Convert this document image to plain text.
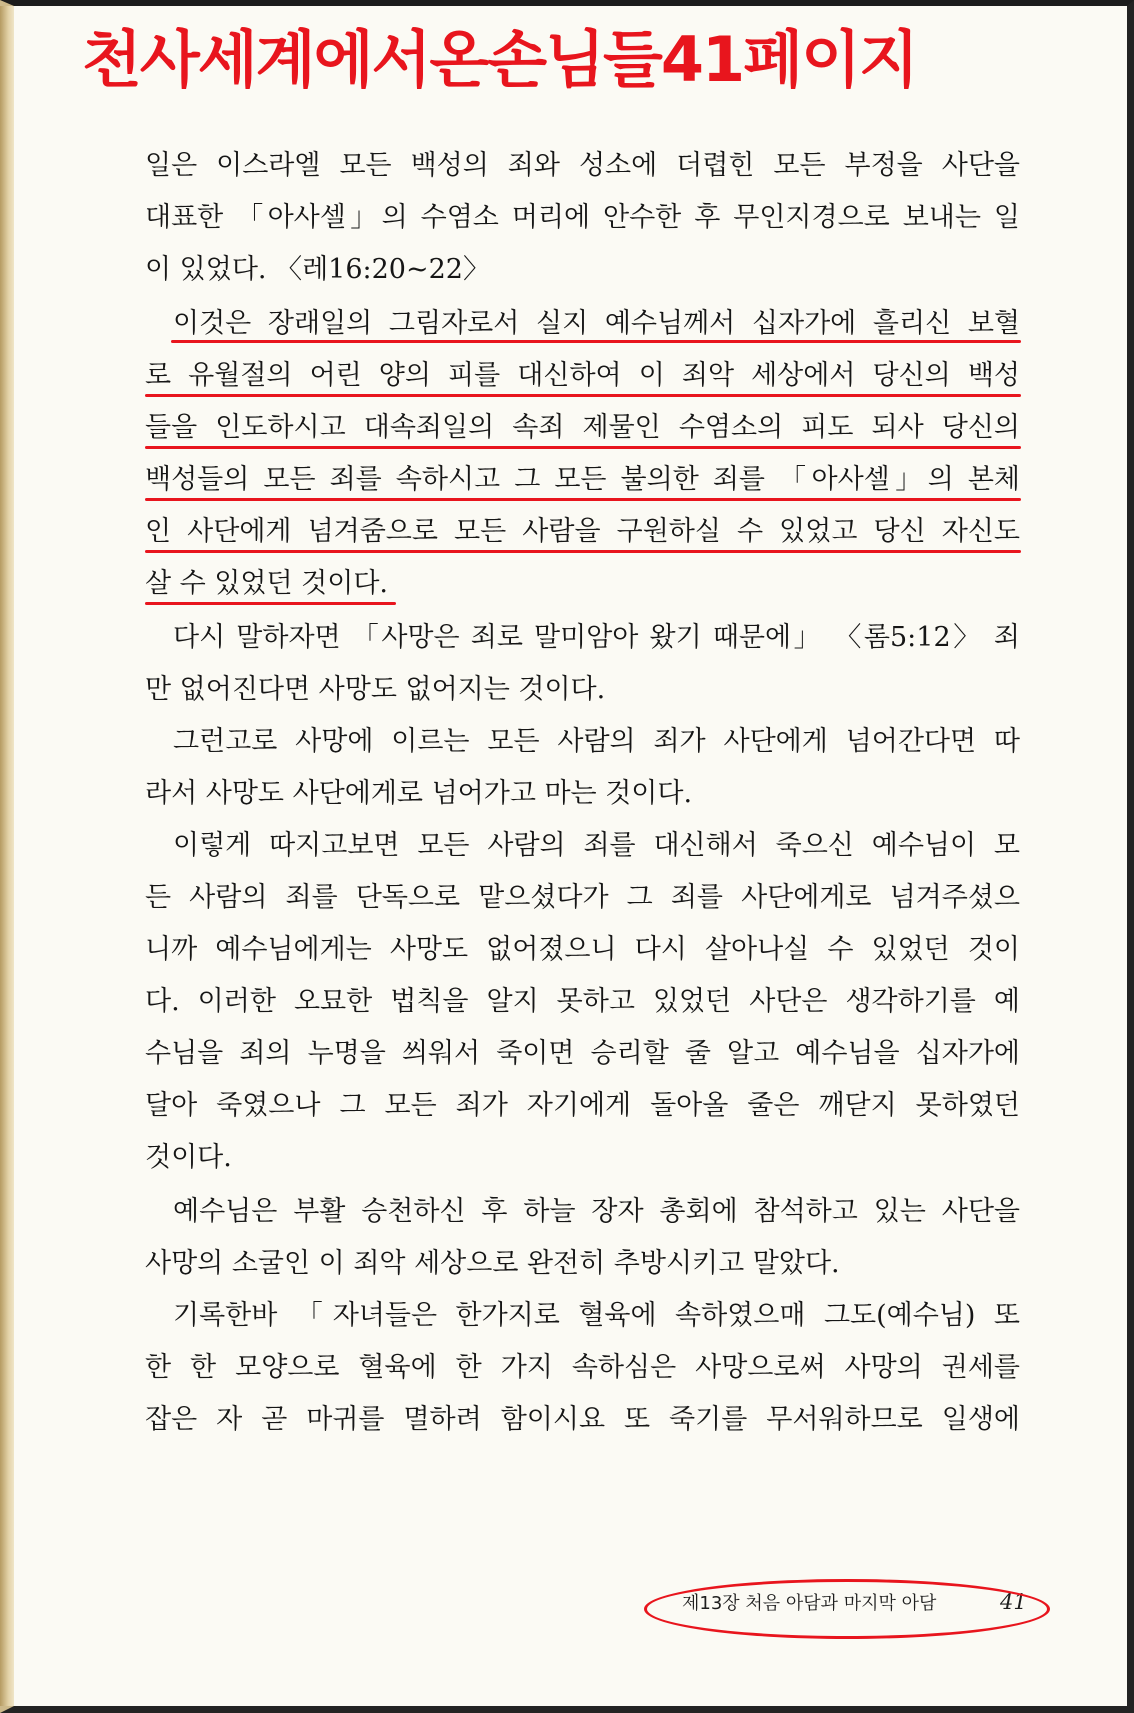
천사세계에서온손님들41페이지
일은 이스라엘 모든 백성의 죄와 성소에 더렵힌 모든 부정을 사단을
대표한 「아사셀」의 수염소 머리에 안수한 후 무인지경으로 보내는 일
이 있었다. 〈레16:20~22〉
이것은 장래일의 그림자로서 실지 예수님께서 십자가에 흘리신 보혈
로 유월절의 어린 양의 피를 대신하여 이 죄악 세상에서 당신의 백성
들을 인도하시고 대속죄일의 속죄 제물인 수염소의 피도 되사 당신의
백성들의 모든 죄를 속하시고 그 모든 불의한 죄를 「아사셀」의 본체
인 사단에게 넘겨줌으로 모든 사람을 구원하실 수 있었고 당신 자신도
살 수 있었던 것이다.
다시 말하자면 「사망은 죄로 말미암아 왔기 때문에」 〈롬5:12〉 죄
만 없어진다면 사망도 없어지는 것이다.
그런고로 사망에 이르는 모든 사람의 죄가 사단에게 넘어간다면 따
라서 사망도 사단에게로 넘어가고 마는 것이다.
이렇게 따지고보면 모든 사람의 죄를 대신해서 죽으신 예수님이 모
든 사람의 죄를 단독으로 맡으셨다가 그 죄를 사단에게로 넘겨주셨으
니까 예수님에게는 사망도 없어졌으니 다시 살아나실 수 있었던 것이
다. 이러한 오묘한 법칙을 알지 못하고 있었던 사단은 생각하기를 예
수님을 죄의 누명을 씌워서 죽이면 승리할 줄 알고 예수님을 십자가에
달아 죽였으나 그 모든 죄가 자기에게 돌아올 줄은 깨닫지 못하였던
것이다.
예수님은 부활 승천하신 후 하늘 장자 총회에 참석하고 있는 사단을
사망의 소굴인 이 죄악 세상으로 완전히 추방시키고 말았다.
기록한바 「자녀들은 한가지로 혈육에 속하였으매 그도(예수님) 또
한 한 모양으로 혈육에 한 가지 속하심은 사망으로써 사망의 권세를
잡은 자 곧 마귀를 멸하려 함이시요 또 죽기를 무서워하므로 일생에
제13장 처음 아담과 마지막 아담	41
